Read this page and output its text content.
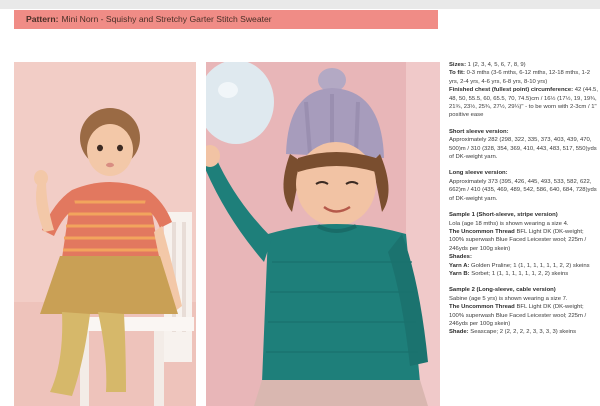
Pattern: Mini Norn - Squishy and Stretchy Garter Stitch Sweater
Sizes: 1 (2, 3, 4, 5, 6, 7, 8, 9)
To fit: 0-3 mths (3-6 mths, 6-12 mths, 12-18 mths, 1-2 yrs, 2-4 yrs, 4-6 yrs, 6-8 yrs, 8-10 yrs)
Finished chest (fullest point) circumference: 42 (44.5, 48, 50, 55.5, 60, 65.5, 70, 74.5)cm / 16½ (17½, 19, 19¾, 21¾, 23½, 25¾, 27½, 29¼)" - to be worn with 2-3cm / 1" positive ease
Short sleeve version:
Approximately 282 (298, 322, 335, 373, 403, 439, 470, 500)m / 310 (328, 354, 369, 410, 443, 483, 517, 550)yds of DK-weight yarn.
Long sleeve version:
Approximately 373 (395, 426, 445, 493, 533, 582, 622, 662)m / 410 (435, 469, 489, 542, 586, 640, 684, 728)yds of DK-weight yarn.
Sample 1 (Short-sleeve, stripe version)
Lola (age 18 mths) is shown wearing a size 4.
The Uncommon Thread BFL Light DK (DK-weight; 100% superwash Blue Faced Leicester wool; 225m / 246yds per 100g skein)
Shades:
Yarn A: Golden Praline; 1 (1, 1, 1, 1, 1, 1, 2, 2) skeins
Yarn B: Sorbet; 1 (1, 1, 1, 1, 1, 1, 2, 2) skeins
Sample 2 (Long-sleeve, cable version)
Sabine (age 5 yrs) is shown wearing a size 7.
The Uncommon Thread BFL Light DK (DK-weight; 100% superwash Blue Faced Leicester wool; 225m / 246yds per 100g skein)
Shade: Seascape; 2 (2, 2, 2, 2, 3, 3, 3, 3) skeins
